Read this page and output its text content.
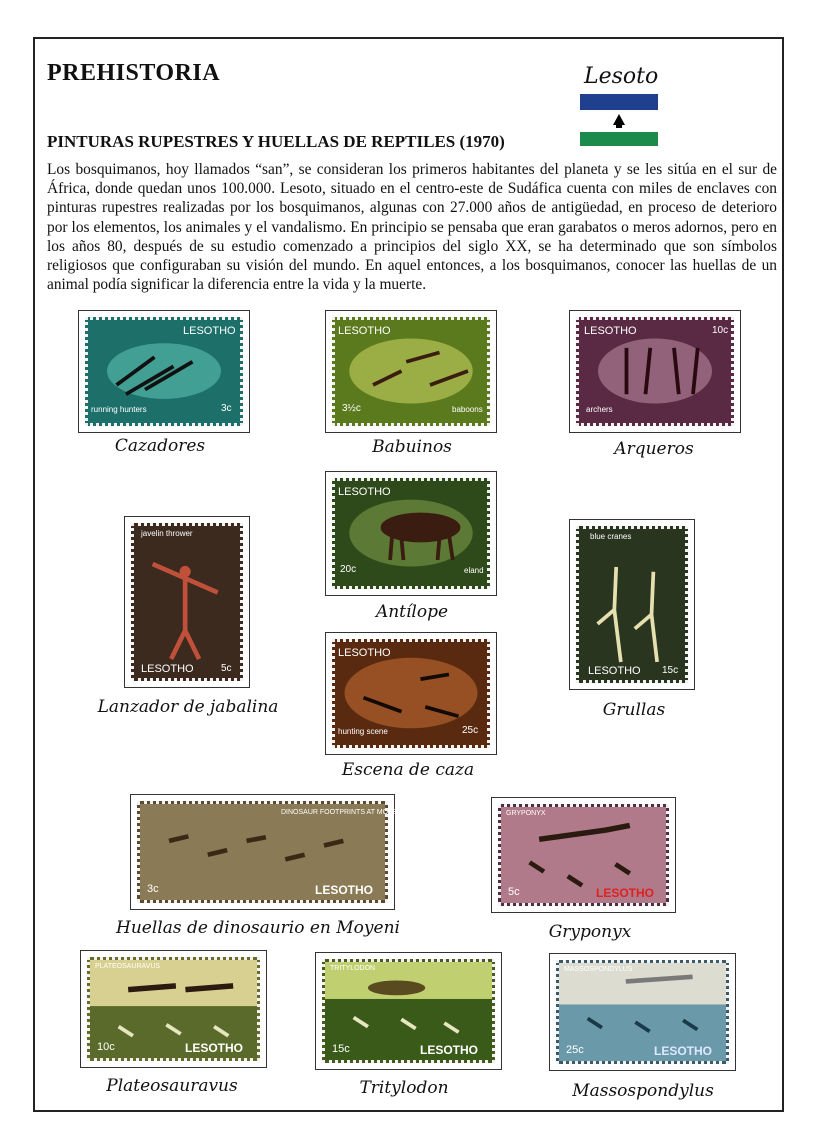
PREHISTORIA	Lesoto
PINTURAS RUPESTRES Y HUELLAS DE REPTILES (1970)
Los bosquimanos, hoy llamados “san”, se consideran los primeros habitantes del planeta y se les sitúa en el sur de África, donde quedan unos 100.000. Lesoto, situado en el centro-este de Sudáfica cuenta con miles de enclaves con pinturas rupestres realizadas por los bosquimanos, algunas con 27.000 años de antigüedad, en proceso de deterioro por los elementos, los animales y el vandalismo. En principio se pensaba que eran garabatos o meros adornos, pero en los años 80, después de su estudio comenzado a principios del siglo XX, se ha determinado que son símbolos religiosos que configuraban su visión del mundo. En aquel entonces, a los bosquimanos, conocer las huellas de un animal podía significar la diferencia entre la vida y la muerte.
LESOTHO
running hunters	3c
Cazadores
LESOTHO
3½c	baboons
Babuinos
LESOTHO	10c
archers
Arqueros
javelin thrower
LESOTHO	5c
Lanzador de jabalina
LESOTHO
20c	eland
Antílope
blue cranes
LESOTHO 15c
Grullas
LESOTHO
hunting scene	25c
Escena de caza
DINOSAUR FOOTPRINTS AT MOYENI
3c	LESOTHO
Huellas de dinosaurio en Moyeni
GRYPONYX
5c	LESOTHO
Gryponyx
PLATEOSAURAVUS
10c	LESOTHO
Plateosauravus
TRITYLODON
15c	LESOTHO
Tritylodon
MASSOSPONDYLUS
25c	LESOTHO
Massospondylus
